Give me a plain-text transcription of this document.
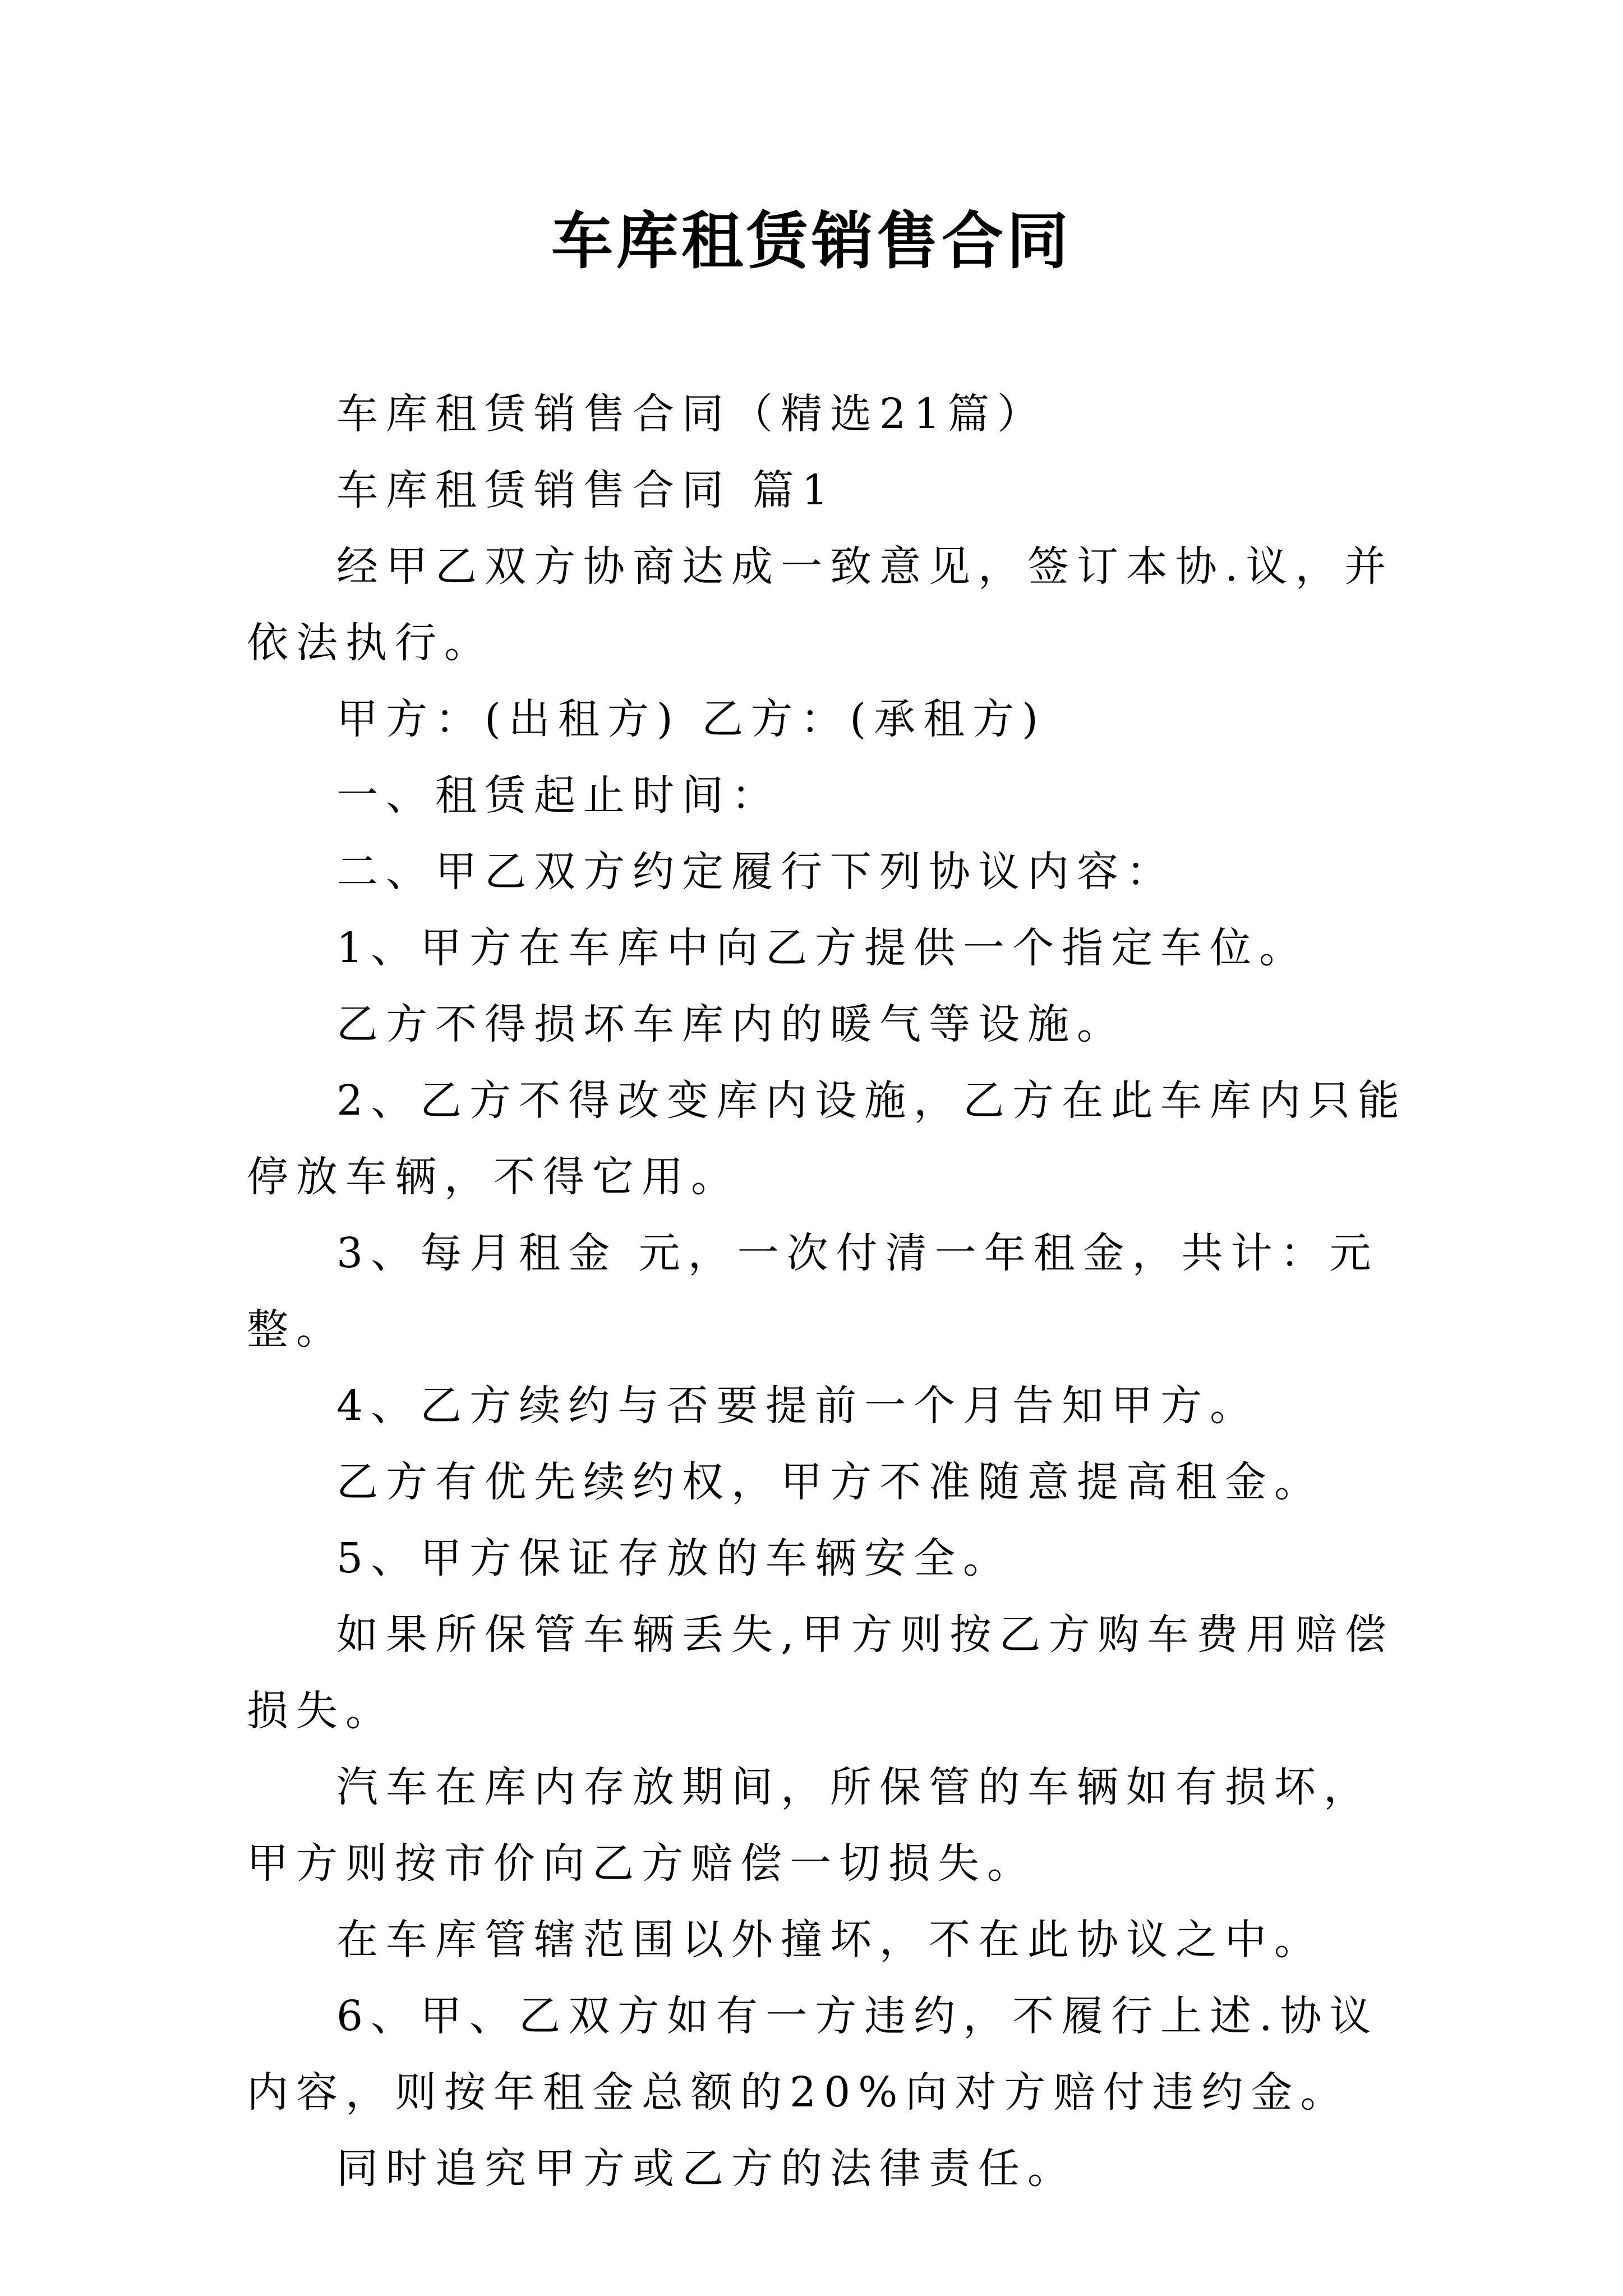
车库租赁销售合同

车库租赁销售合同（精选21篇）

车库租赁销售合同 篇1

经甲乙双方协商达成一致意见，签订本协.议，并依法执行。

甲方：(出租方) 乙方：(承租方)

一、租赁起止时间：

二、甲乙双方约定履行下列协议内容：

1、甲方在车库中向乙方提供一个指定车位。

乙方不得损坏车库内的暖气等设施。

2、乙方不得改变库内设施，乙方在此车库内只能停放车辆，不得它用。

3、每月租金 元，一次付清一年租金，共计：元整。

4、乙方续约与否要提前一个月告知甲方。

乙方有优先续约权，甲方不准随意提高租金。

5、甲方保证存放的车辆安全。

如果所保管车辆丢失,甲方则按乙方购车费用赔偿损失。

汽车在库内存放期间，所保管的车辆如有损坏，甲方则按市价向乙方赔偿一切损失。

在车库管辖范围以外撞坏，不在此协议之中。

6、甲、乙双方如有一方违约，不履行上述.协议内容，则按年租金总额的20%向对方赔付违约金。

同时追究甲方或乙方的法律责任。
